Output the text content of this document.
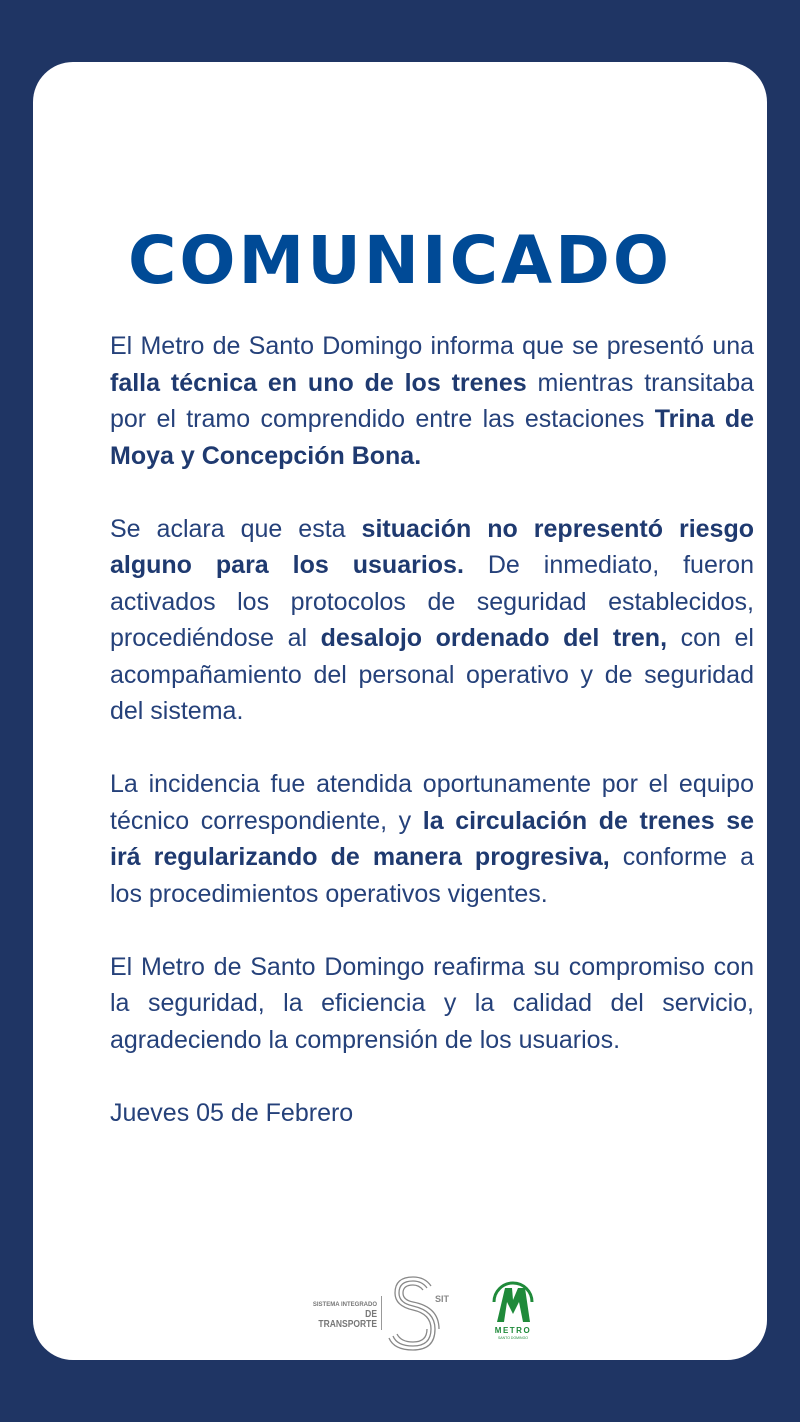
COMUNICADO

El Metro de Santo Domingo informa que se presentó una falla técnica en uno de los trenes mientras transitaba por el tramo comprendido entre las estaciones Trina de Moya y Concepción Bona.

Se aclara que esta situación no representó riesgo alguno para los usuarios. De inmediato, fueron activados los protocolos de seguridad establecidos, procediéndose al desalojo ordenado del tren, con el acompañamiento del personal operativo y de seguridad del sistema.

La incidencia fue atendida oportunamente por el equipo técnico correspondiente, y la circulación de trenes se irá regularizando de manera progresiva, conforme a los procedimientos operativos vigentes.

El Metro de Santo Domingo reafirma su compromiso con la seguridad, la eficiencia y la calidad del servicio, agradeciendo la comprensión de los usuarios.

Jueves 05 de Febrero

SISTEMA INTEGRADO
DE TRANSPORTE
SIT
METRO
SANTO DOMINGO
